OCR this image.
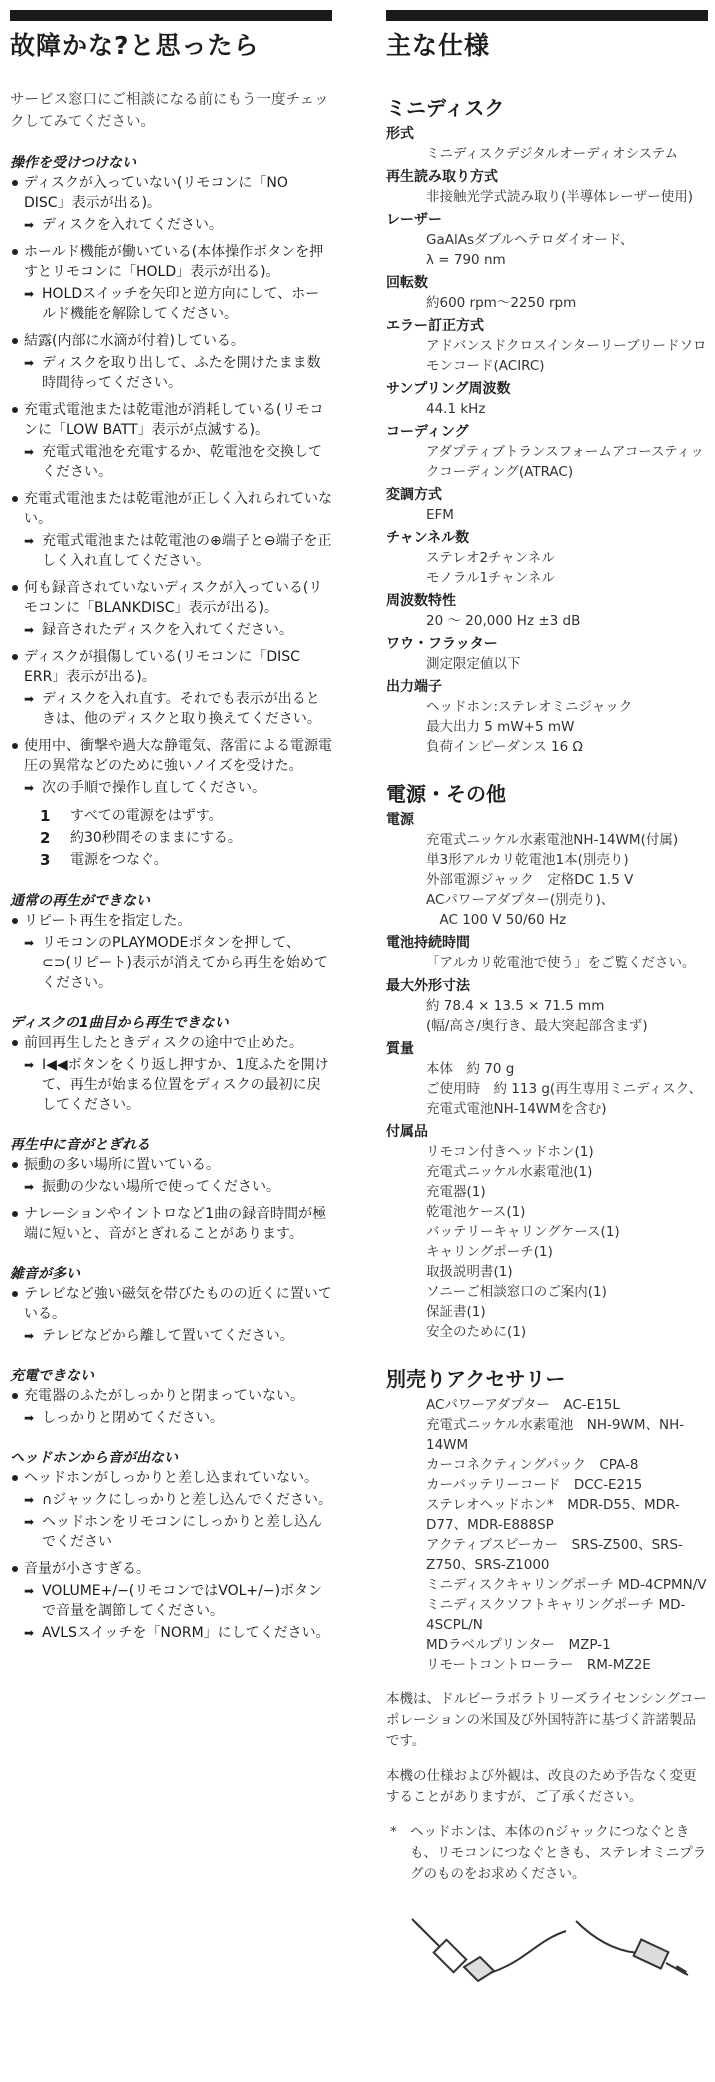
故障かな?と思ったら
サービス窓口にご相談になる前にもう一度チェックしてみてください。
操作を受けつけない
ディスクが入っていない(リモコンに「NO DISC」表示が出る)。
➡ ディスクを入れてください。
ホールド機能が働いている(本体操作ボタンを押すとリモコンに「HOLD」表示が出る)。
➡ HOLDスイッチを矢印と逆方向にして、ホールド機能を解除してください。
結露(内部に水滴が付着)している。
➡ ディスクを取り出して、ふたを開けたまま数時間待ってください。
充電式電池または乾電池が消耗している(リモコンに「LOW BATT」表示が点滅する)。
➡ 充電式電池を充電するか、乾電池を交換してください。
充電式電池または乾電池が正しく入れられていない。
➡ 充電式電池または乾電池の⊕端子と⊖端子を正しく入れ直してください。
何も録音されていないディスクが入っている(リモコンに「BLANKDISC」表示が出る)。
➡ 録音されたディスクを入れてください。
ディスクが損傷している(リモコンに「DISC ERR」表示が出る)。
➡ ディスクを入れ直す。それでも表示が出るときは、他のディスクと取り換えてください。
使用中、衝撃や過大な静電気、落雷による電源電圧の異常などのために強いノイズを受けた。
➡ 次の手順で操作し直してください。
1	すべての電源をはずす。
2	約30秒間そのままにする。
3	電源をつなぐ。
通常の再生ができない
リピート再生を指定した。
➡ リモコンのPLAYMODEボタンを押して、⊂⊃(リピート)表示が消えてから再生を始めてください。
ディスクの1曲目から再生できない
前回再生したときディスクの途中で止めた。
➡ I◀◀ボタンをくり返し押すか、1度ふたを開けて、再生が始まる位置をディスクの最初に戻してください。
再生中に音がとぎれる
振動の多い場所に置いている。
➡ 振動の少ない場所で使ってください。
ナレーションやイントロなど1曲の録音時間が極端に短いと、音がとぎれることがあります。
雑音が多い
テレビなど強い磁気を帯びたものの近くに置いている。
➡ テレビなどから離して置いてください。
充電できない
充電器のふたがしっかりと閉まっていない。
➡ しっかりと閉めてください。
ヘッドホンから音が出ない
ヘッドホンがしっかりと差し込まれていない。
➡ ∩ジャックにしっかりと差し込んでください。
➡ ヘッドホンをリモコンにしっかりと差し込んでください
音量が小さすぎる。
➡ VOLUME+/−(リモコンではVOL+/−)ボタンで音量を調節してください。
➡ AVLSスイッチを「NORM」にしてください。
主な仕様
ミニディスク
形式
ミニディスクデジタルオーディオシステム
再生読み取り方式
非接触光学式読み取り(半導体レーザー使用)
レーザー
GaAlAsダブルヘテロダイオード、
λ = 790 nm
回転数
約600 rpm〜2250 rpm
エラー訂正方式
アドバンスドクロスインターリーブリードソロモンコード(ACIRC)
サンプリング周波数
44.1 kHz
コーディング
アダプティブトランスフォームアコースティックコーディング(ATRAC)
変調方式
EFM
チャンネル数
ステレオ2チャンネル
モノラル1チャンネル
周波数特性
20 〜 20,000 Hz ±3 dB
ワウ・フラッター
測定限定値以下
出力端子
ヘッドホン:ステレオミニジャック
最大出力 5 mW+5 mW
負荷インピーダンス 16 Ω
電源・その他
電源
充電式ニッケル水素電池NH-14WM(付属)
単3形アルカリ乾電池1本(別売り)
外部電源ジャック　定格DC 1.5 V
ACパワーアダプター(別売り)、
　AC 100 V 50/60 Hz
電池持続時間
「アルカリ乾電池で使う」をご覧ください。
最大外形寸法
約 78.4 × 13.5 × 71.5 mm
(幅/高さ/奥行き、最大突起部含まず)
質量
本体　約 70 g
ご使用時　約 113 g(再生専用ミニディスク、充電式電池NH-14WMを含む)
付属品
リモコン付きヘッドホン(1)
充電式ニッケル水素電池(1)
充電器(1)
乾電池ケース(1)
バッテリーキャリングケース(1)
キャリングポーチ(1)
取扱説明書(1)
ソニーご相談窓口のご案内(1)
保証書(1)
安全のために(1)
別売りアクセサリー
ACパワーアダプター　AC-E15L
充電式ニッケル水素電池　NH-9WM、NH-14WM
カーコネクティングパック　CPA-8
カーバッテリーコード　DCC-E215
ステレオヘッドホン*　MDR-D55、MDR-D77、MDR-E888SP
アクティブスピーカー　SRS-Z500、SRS-Z750、SRS-Z1000
ミニディスクキャリングポーチ MD-4CPMN/V
ミニディスクソフトキャリングポーチ MD-4SCPL/N
MDラベルプリンター　MZP-1
リモートコントローラー　RM-MZ2E
本機は、ドルビーラボラトリーズライセンシングコーポレーションの米国及び外国特許に基づく許諾製品です。
本機の仕様および外観は、改良のため予告なく変更することがありますが、ご了承ください。
* ヘッドホンは、本体の∩ジャックにつなぐときも、リモコンにつなぐときも、ステレオミニプラグのものをお求めください。
